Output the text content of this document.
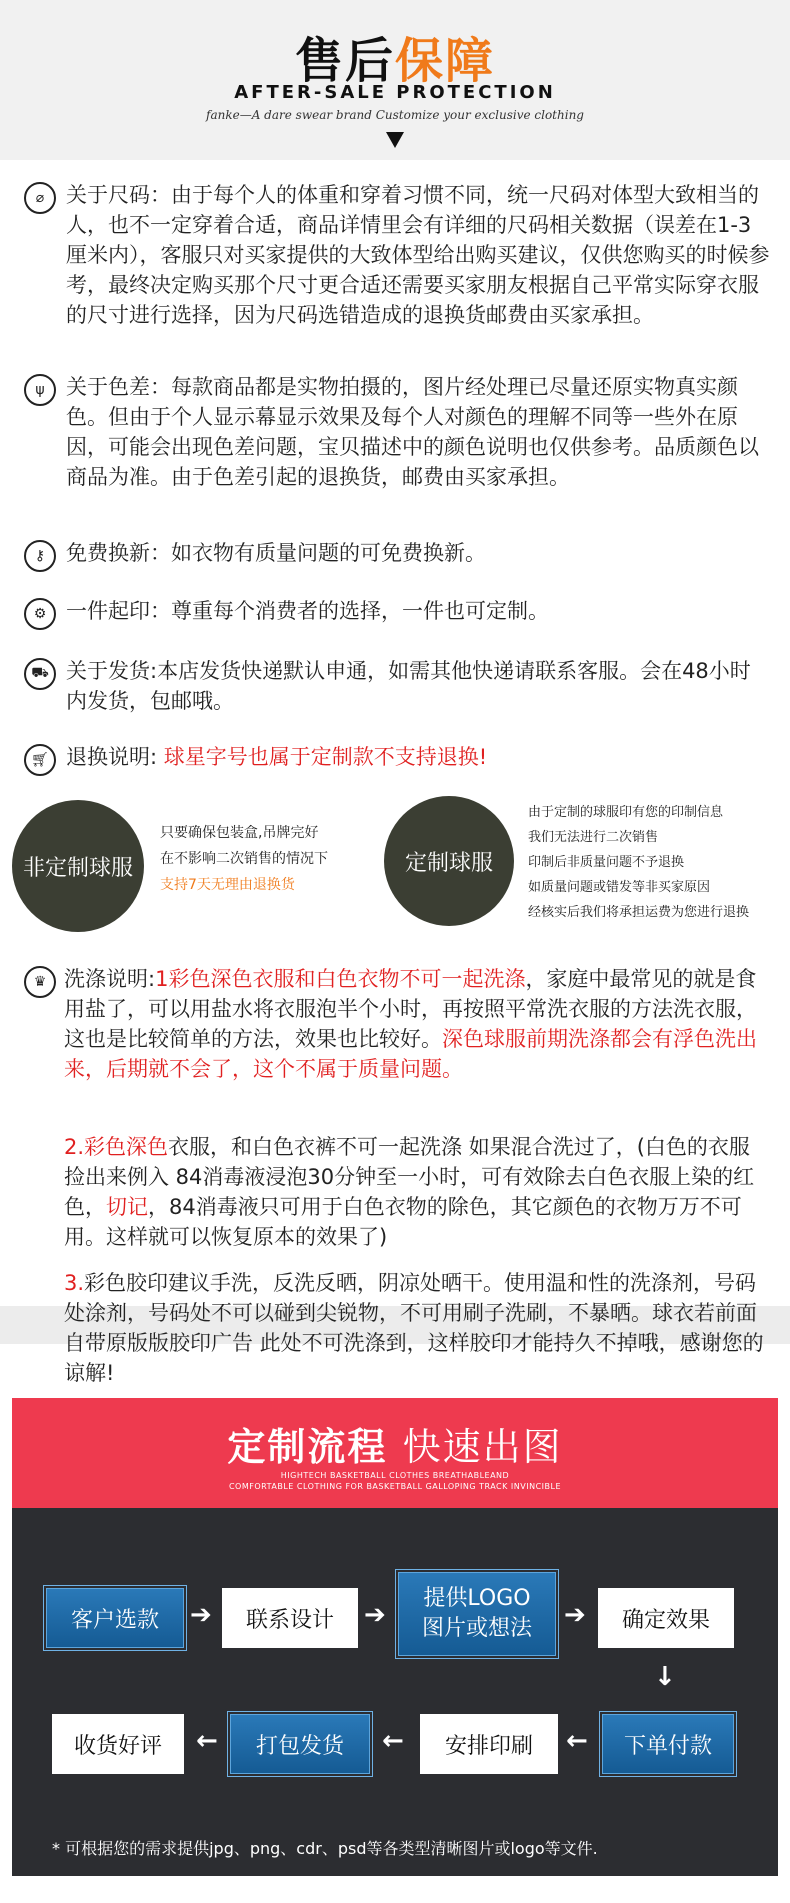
售后保障
AFTER-SALE PROTECTION
fanke—A dare swear brand Customize your exclusive clothing
⌀	关于尺码：由于每个人的体重和穿着习惯不同，统一尺码对体型大致相当的人，也不一定穿着合适，商品详情里会有详细的尺码相关数据（误差在1-3厘米内），客服只对买家提供的大致体型给出购买建议，仅供您购买的时候参考，最终决定购买那个尺寸更合适还需要买家朋友根据自己平常实际穿衣服的尺寸进行选择，因为尺码选错造成的退换货邮费由买家承担。
ψ	关于色差：每款商品都是实物拍摄的，图片经处理已尽量还原实物真实颜色。但由于个人显示幕显示效果及每个人对颜色的理解不同等一些外在原因，可能会出现色差问题，宝贝描述中的颜色说明也仅供参考。品质颜色以商品为准。由于色差引起的退换货，邮费由买家承担。
⚷ 免费换新：如衣物有质量问题的可免费换新。
⚙ 一件起印：尊重每个消费者的选择，一件也可定制。
⛟ 关于发货:本店发货快递默认申通，如需其他快递请联系客服。会在48小时内发货，包邮哦。
🛒︎ 退换说明: 球星字号也属于定制款不支持退换!
非定制球服
只要确保包装盒,吊牌完好
在不影响二次销售的情况下
支持7天无理由退换货
定制球服
由于定制的球服印有您的印制信息
我们无法进行二次销售
印制后非质量问题不予退换
如质量问题或错发等非买家原因
经核实后我们将承担运费为您进行退换
♛ 洗涤说明:1彩色深色衣服和白色衣物不可一起洗涤，家庭中最常见的就是食用盐了，可以用盐水将衣服泡半个小时，再按照平常洗衣服的方法洗衣服，这也是比较简单的方法，效果也比较好。深色球服前期洗涤都会有浮色洗出来，后期就不会了，这个不属于质量问题。
2.彩色深色衣服，和白色衣裤不可一起洗涤 如果混合洗过了，(白色的衣服捡出来例入 84消毒液浸泡30分钟至一小时，可有效除去白色衣服上染的红色，切记，84消毒液只可用于白色衣物的除色，其它颜色的衣物万万不可用。这样就可以恢复原本的效果了)
3.彩色胶印建议手洗，反洗反晒，阴凉处晒干。使用温和性的洗涤剂，号码处涂剂，号码处不可以碰到尖锐物，不可用刷子洗刷，不暴晒。球衣若前面自带原版版胶印广告 此处不可洗涤到，这样胶印才能持久不掉哦，感谢您的谅解!
定制流程 快速出图
HIGHTECH BASKETBALL CLOTHES BREATHABLEAND
COMFORTABLE CLOTHING FOR BASKETBALL GALLOPING TRACK INVINCIBLE
客户选款	➔	联系设计	➔
提供LOGO
图片或想法	➔	确定效果
↓
收货好评	←	打包发货	←	安排印刷	←	下单付款
* 可根据您的需求提供jpg、png、cdr、psd等各类型清晰图片或logo等文件.
